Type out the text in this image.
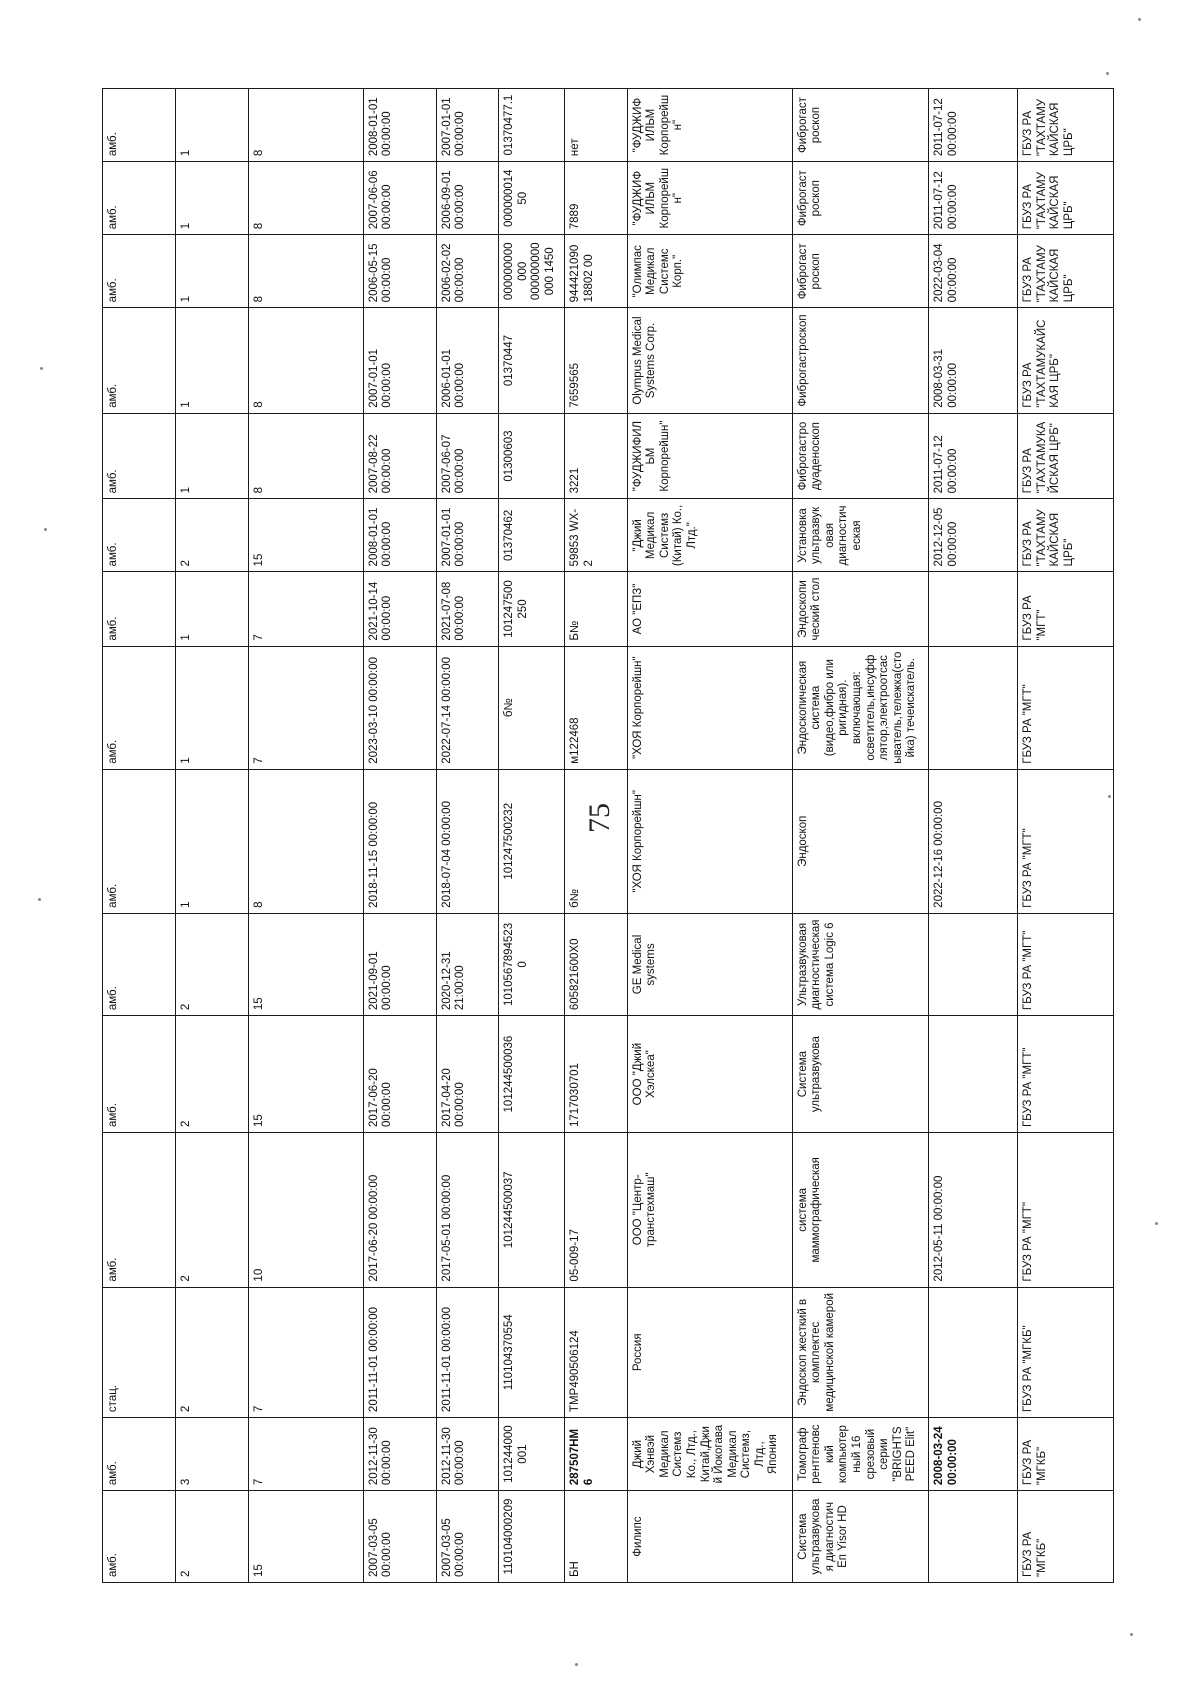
75
амб.	амб.	стац.	амб.	амб.	амб.	амб.	амб.	амб.	амб.	амб.	амб.	амб.	амб.	амб.
2	3	2	2	2	2	1	1	1	2	1	1	1	1	1
15	7	7	10	15	15	8	7	7	15	8	8	8	8	8
2007-03-05 00:00:00	2012-11-30 00:00:00	2011-11-01 00:00:00	2017-06-20 00:00:00	2017-06-20 00:00:00	2021-09-01 00:00:00	2018-11-15 00:00:00	2023-03-10 00:00:00	2021-10-14 00:00:00	2008-01-01 00:00:00	2007-08-22 00:00:00	2007-01-01 00:00:00	2006-05-15 00:00:00	2007-06-06 00:00:00	2008-01-01 00:00:00
2007-03-05 00:00:00	2012-11-30 00:00:00	2011-11-01 00:00:00	2017-05-01 00:00:00	2017-04-20 00:00:00	2020-12-31 21:00:00	2018-07-04 00:00:00	2022-07-14 00:00:00	2021-07-08 00:00:00	2007-01-01 00:00:00	2007-06-07 00:00:00	2006-01-01 00:00:00	2006-02-02 00:00:00	2006-09-01 00:00:00	2007-01-01 00:00:00
110104000209	101244000001	110104370554	101244500037	101244500036	1010567894523 0	101247500232	б№	101247500250	01370462	01300603	01370447	000000000000 000000000000 1450	00000001450	01370477.1
БН	287507HM6	TMP490506124	05-009-17	1717030701	605821600X0	б№	м122468	Б№	59853 WX-2	3221	7659565	94442109018802 00	7889	нет
Филипс	Джий Хэнвэй Медикал Системз Ко., Лтд., Китай,Джий Йокогава Медикал Системз, Лтд., Япония	Россия	ООО "Центр-транстехмаш"	ООО "Джий Хэлскеа"	GE Medical systems	"ХОЯ Корпорейшн"	"ХОЯ Корпорейшн"	АО "ЕПЗ"	"Джий Медикал Системз (Китай) Ко., Лтд."	"ФУДЖИФИЛЬМ Корпорейшн"	Olympus Medical Systems Corp.	"Олимпас Медикал Системс Корп."	"ФУДЖИФИЛЬМ Корпорейшн"	"ФУДЖИФИЛЬМ Корпорейшн"
Система ультразвуковая диагностич Еп Yisor HD	Томограф рентгеновский компьютерный 16 срезовый серии "BRIGHTSPEED Elit"	Эндоскоп жесткий в комплектес медицинской камерой	система маммографическая	Система ультразвукова	Ультразвуковая диагностическая система Logic 6	Эндоскоп	Эндоскопическая система (видео,фибро или ригидная). включающая: осветитель,инсуффлятор,электроотсасыватель,тележка(стойка) течеискатель.	Эндоскопический стол	Установка ультразвуковая диагностическая	Фиброгастродуаденоскоп	Фиброгастроскоп	Фиброгастроскоп	Фиброгастроскоп	Фиброгастроскоп
	2008-03-24 00:00:00		2012-05-11 00:00:00			2022-12-16 00:00:00			2012-12-05 00:00:00	2011-07-12 00:00:00	2008-03-31 00:00:00	2022-03-04 00:00:00	2011-07-12 00:00:00	2011-07-12 00:00:00
ГБУЗ РА "МГКБ"	ГБУЗ РА "МГКБ"	ГБУЗ РА "МГКБ"	ГБУЗ РА "МГТ"	ГБУЗ РА "МГТ"	ГБУЗ РА "МГТ"	ГБУЗ РА "МГТ"	ГБУЗ РА "МГТ"	ГБУЗ РА "МГТ"	ГБУЗ РА "ТАХТАМУКАЙСКАЯ ЦРБ"	ГБУЗ РА "ТАХТАМУКАЙСКАЯ ЦРБ"	ГБУЗ РА "ТАХТАМУКАЙСКАЯ ЦРБ"	ГБУЗ РА "ТАХТАМУКАЙСКАЯ ЦРБ"	ГБУЗ РА "ТАХТАМУКАЙСКАЯ ЦРБ"	ГБУЗ РА "ТАХТАМУКАЙСКАЯ ЦРБ"
